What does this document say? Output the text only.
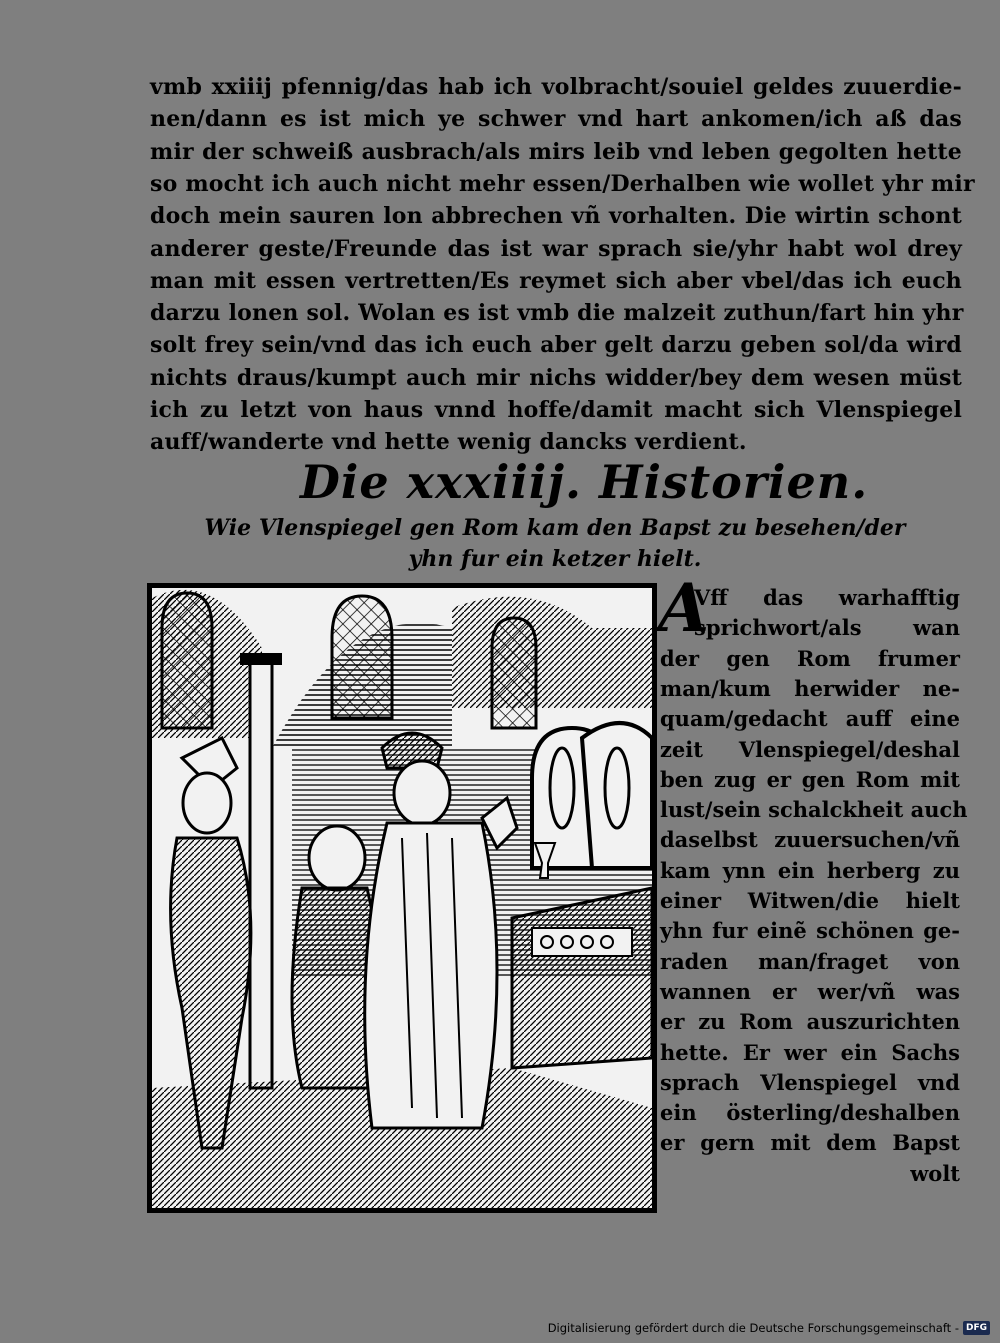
vmb xxiiij pfennig/das hab ich volbracht/souiel geldes zuuerdie-
nen/dann es ist mich ye schwer vnd hart ankomen/ich aß das
mir der schweiß ausbrach/als mirs leib vnd leben gegolten hette
so mocht ich auch nicht mehr essen/Derhalben wie wollet yhr mir
doch mein sauren lon abbrechen vñ vorhalten. Die wirtin schont
anderer geste/Freunde das ist war sprach sie/yhr habt wol drey
man mit essen vertretten/Es reymet sich aber vbel/das ich euch
darzu lonen sol. Wolan es ist vmb die malzeit zuthun/fart hin yhr
solt frey sein/vnd das ich euch aber gelt darzu geben sol/da wird
nichts draus/kumpt auch mir nichs widder/bey dem wesen müst
ich zu letzt von haus vnnd hoffe/damit macht sich Vlenspiegel
auff/wanderte vnd hette wenig dancks verdient.
Die xxxiiij. Historien.
Wie Vlenspiegel gen Rom kam den Bapst zu besehen/der
yhn fur ein ketzer hielt.
A
Vff das warhafftig
sprichwort/als wan
der gen Rom frumer
man/kum herwider ne-
quam/gedacht auff eine
zeit Vlenspiegel/deshal
ben zug er gen Rom mit
lust/sein schalckheit auch
daselbst zuuersuchen/vñ
kam ynn ein herberg zu
einer Witwen/die hielt
yhn fur einẽ schönen ge-
raden man/fraget von
wannen er wer/vñ was
er zu Rom auszurichten
hette. Er wer ein Sachs
sprach Vlenspiegel vnd
ein österling/deshalben
er gern mit dem Bapst
wolt
Digitalisierung gefördert durch die Deutsche Forschungsgemeinschaft - DFG
